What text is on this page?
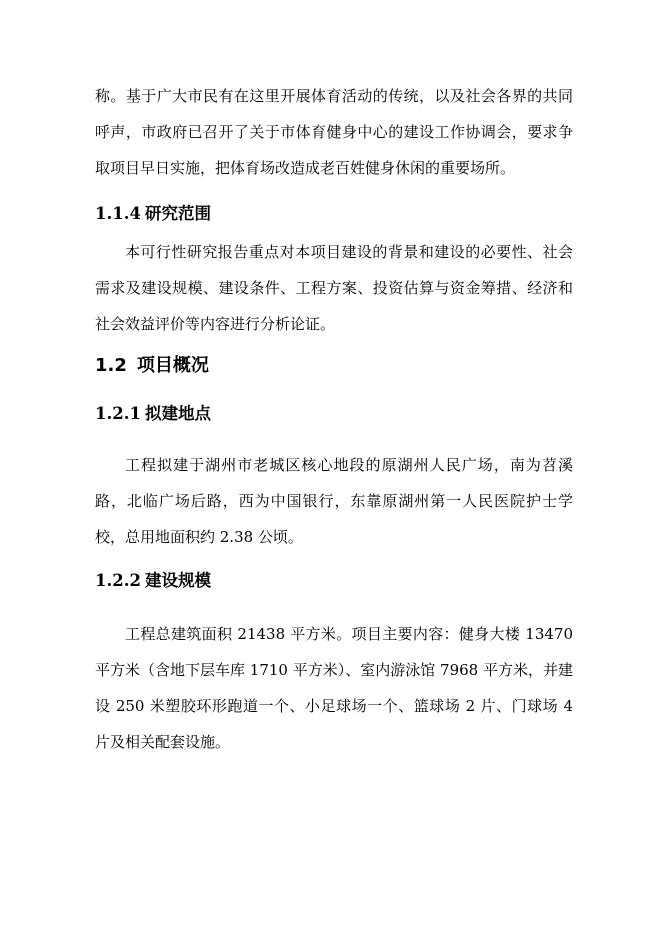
称。基于广大市民有在这里开展体育活动的传统，以及社会各界的共同呼声，市政府已召开了关于市体育健身中心的建设工作协调会，要求争取项目早日实施，把体育场改造成老百姓健身休闲的重要场所。

1.1.4 研究范围

本可行性研究报告重点对本项目建设的背景和建设的必要性、社会需求及建设规模、建设条件、工程方案、投资估算与资金筹措、经济和社会效益评价等内容进行分析论证。

1.2 项目概况
1.2.1 拟建地点

工程拟建于湖州市老城区核心地段的原湖州人民广场，南为苕溪路，北临广场后路，西为中国银行，东靠原湖州第一人民医院护士学校，总用地面积约 2.38 公顷。

1.2.2 建设规模

工程总建筑面积 21438 平方米。项目主要内容：健身大楼 13470 平方米（含地下层车库 1710 平方米）、室内游泳馆 7968 平方米，并建设 250 米塑胶环形跑道一个、小足球场一个、篮球场 2 片、门球场 4 片及相关配套设施。
